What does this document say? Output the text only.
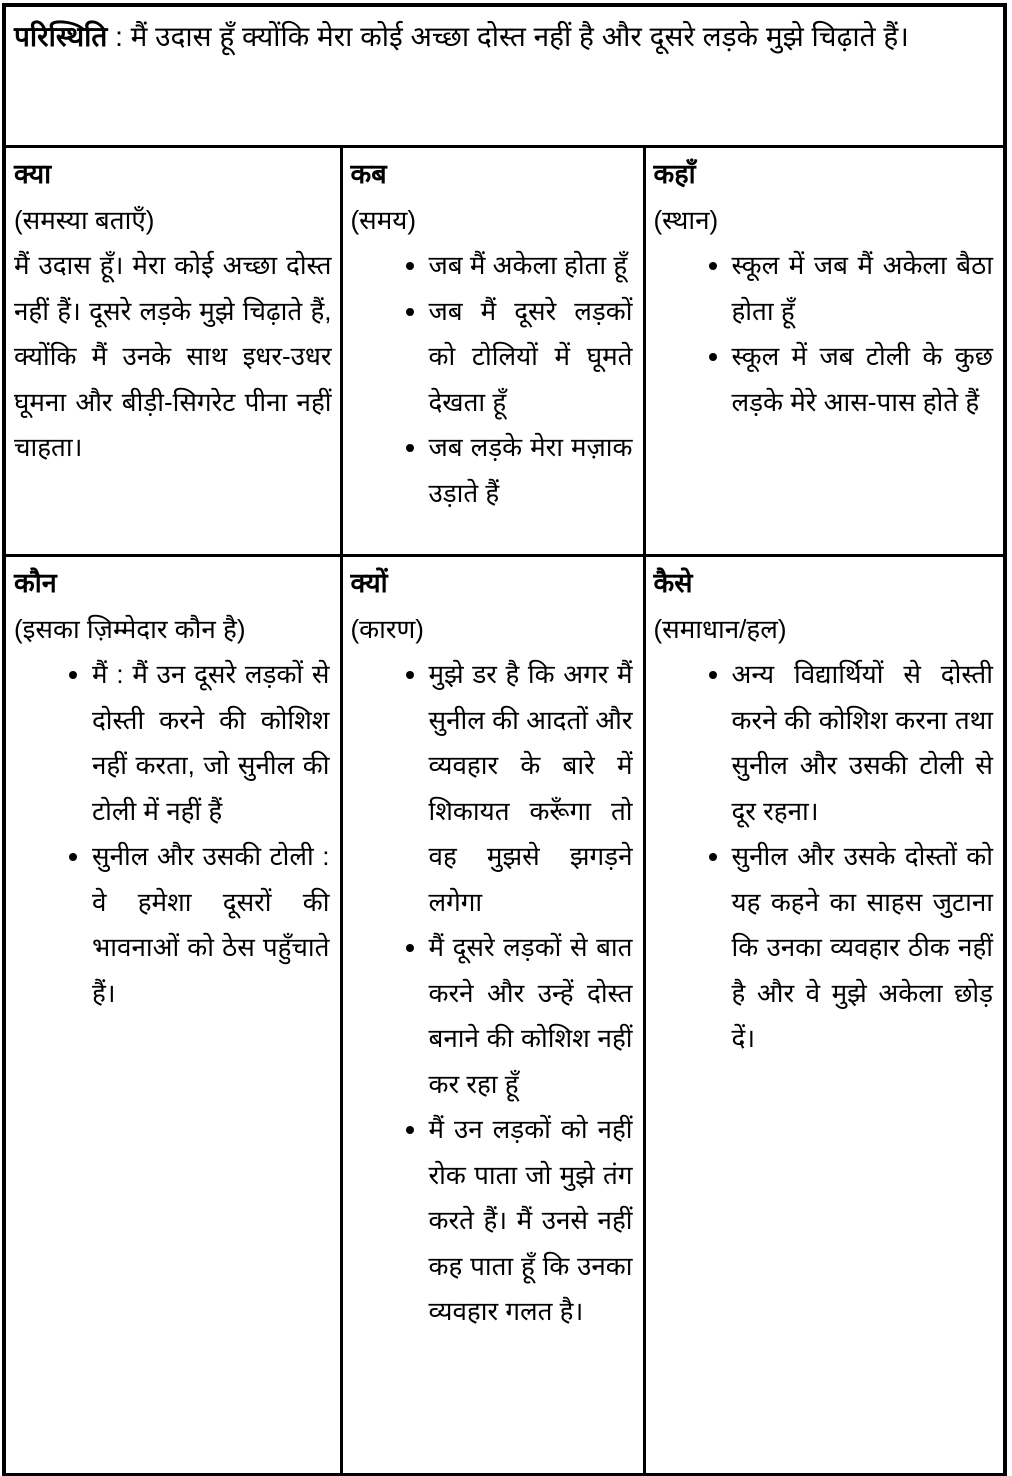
परिस्थिति : मैं उदास हूँ क्योंकि मेरा कोई अच्छा दोस्त नहीं है और दूसरे लड़के मुझे चिढ़ाते हैं।		

क्या
(समस्या बताएँ)

मैं उदास हूँ। मेरा कोई अच्छा दोस्त नहीं हैं। दूसरे लड़के मुझे चिढ़ाते हैं, क्योंकि मैं उनके साथ इधर-उधर घूमना और बीड़ी-सिगरेट पीना नहीं चाहता।

कब
(समय)
• जब मैं अकेला होता हूँ
• जब मैं दूसरे लड़कों को टोलियों में घूमते देखता हूँ
• जब लड़के मेरा मज़ाक उड़ाते हैं

कहाँ
(स्थान)
• स्कूल में जब मैं अकेला बैठा होता हूँ
• स्कूल में जब टोली के कुछ लड़के मेरे आस-पास होते हैं

कौन
(इसका ज़िम्मेदार कौन है)
• मैं : मैं उन दूसरे लड़कों से दोस्ती करने की कोशिश नहीं करता, जो सुनील की टोली में नहीं हैं
• सुनील और उसकी टोली : वे हमेशा दूसरों की भावनाओं को ठेस पहुँचाते हैं।

क्यों
(कारण)
• मुझे डर है कि अगर मैं सुनील की आदतों और व्यवहार के बारे में शिकायत करूँगा तो वह मुझसे झगड़ने लगेगा
• मैं दूसरे लड़कों से बात करने और उन्हें दोस्त बनाने की कोशिश नहीं कर रहा हूँ
• मैं उन लड़कों को नहीं रोक पाता जो मुझे तंग करते हैं। मैं उनसे नहीं कह पाता हूँ कि उनका व्यवहार गलत है।

कैसे
(समाधान/हल)
• अन्य विद्यार्थियों से दोस्ती करने की कोशिश करना तथा सुनील और उसकी टोली से दूर रहना।
• सुनील और उसके दोस्तों को यह कहने का साहस जुटाना कि उनका व्यवहार ठीक नहीं है और वे मुझे अकेला छोड़ दें।
